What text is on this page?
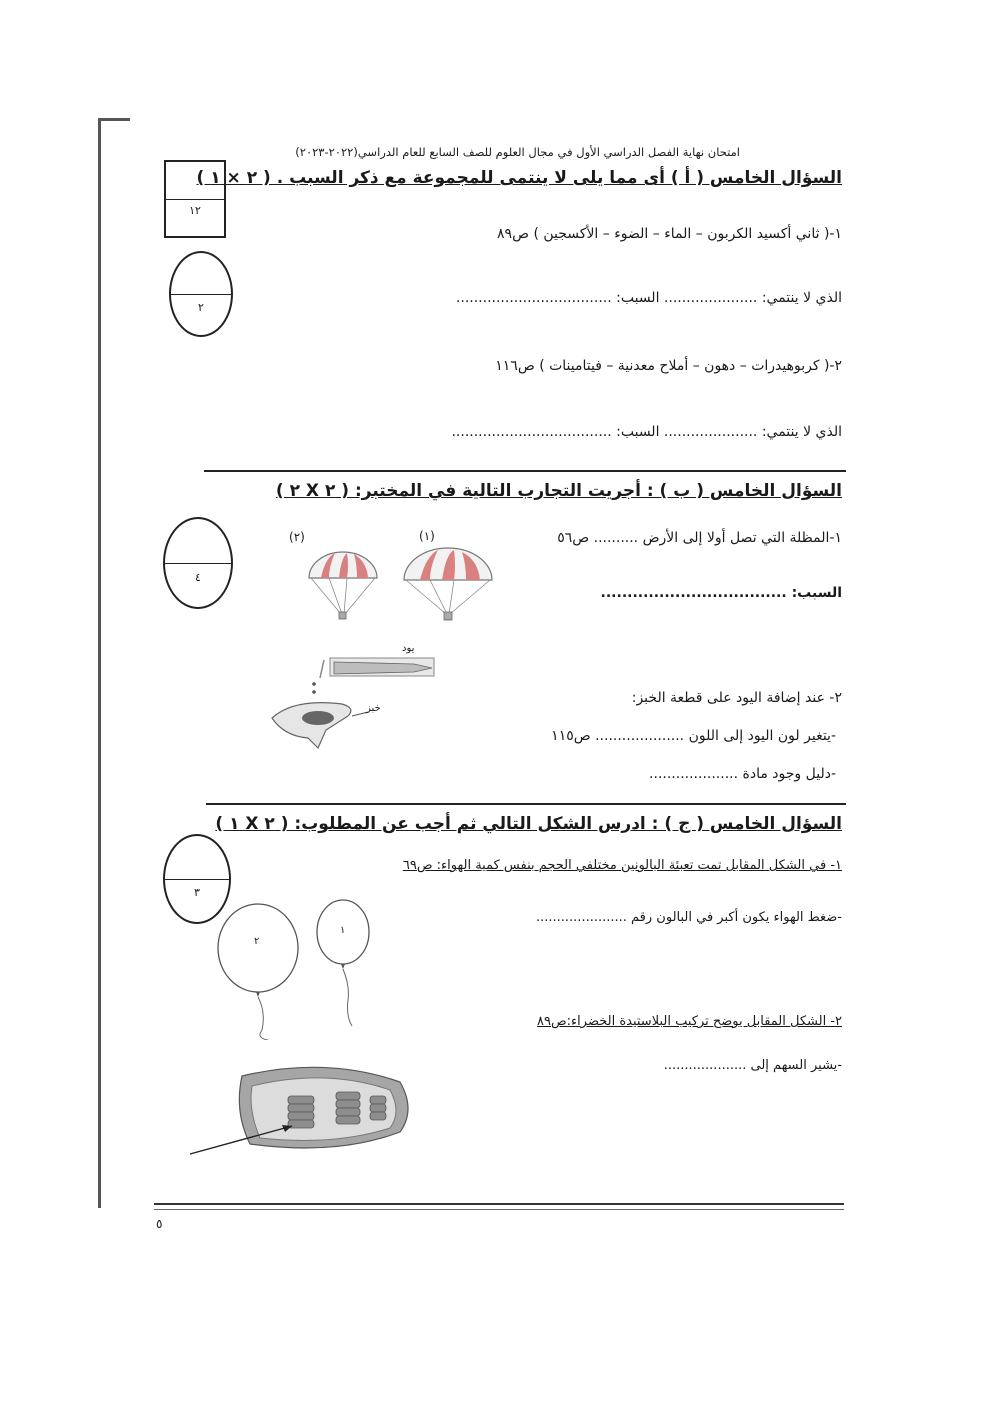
امتحان نهاية الفصل الدراسي الأول في مجال العلوم للصف السابع للعام الدراسي(٢٠٢٢-٢٠٢٣)
السؤال الخامس ( أ ) أى مما يلى لا ينتمى للمجموعة مع ذكر السبب . ( ٢ × ١ )
١٢
٢
١-( ثاني أكسيد الكربون – الماء – الضوء – الأكسجين ) ص٨٩
الذي لا ينتمي: ..................... السبب: ...................................
٢-( كربوهيدرات – دهون – أملاح معدنية – فيتامينات ) ص١١٦
الذي لا ينتمي: ..................... السبب: ....................................
السؤال الخامس ( ب ) : أجريت التجارب التالية في المختبر: ( ٢ X ٢ )
٤
١-المظلة التي تصل أولا إلى الأرض .......... ص٥٦
(١)
(٢)
السبب: ...................................
يود
خبز
٢- عند إضافة اليود على قطعة الخبز:
-يتغير لون اليود إلى اللون .................... ص١١٥
-دليل وجود مادة ....................
السؤال الخامس ( ج ) : ادرس الشكل التالي ثم أجب عن المطلوب: ( ٢ X ١ )
٣
١- في الشكل المقابل تمت تعبئة البالونين مختلفي الحجم بنفس كمية الهواء: ص٦٩
-ضغط الهواء يكون أكبر في البالون رقم ......................
٢
١
٢- الشكل المقابل يوضح تركيب البلاستيدة الخضراء:ص٨٩
-يشير السهم إلى ....................
٥
